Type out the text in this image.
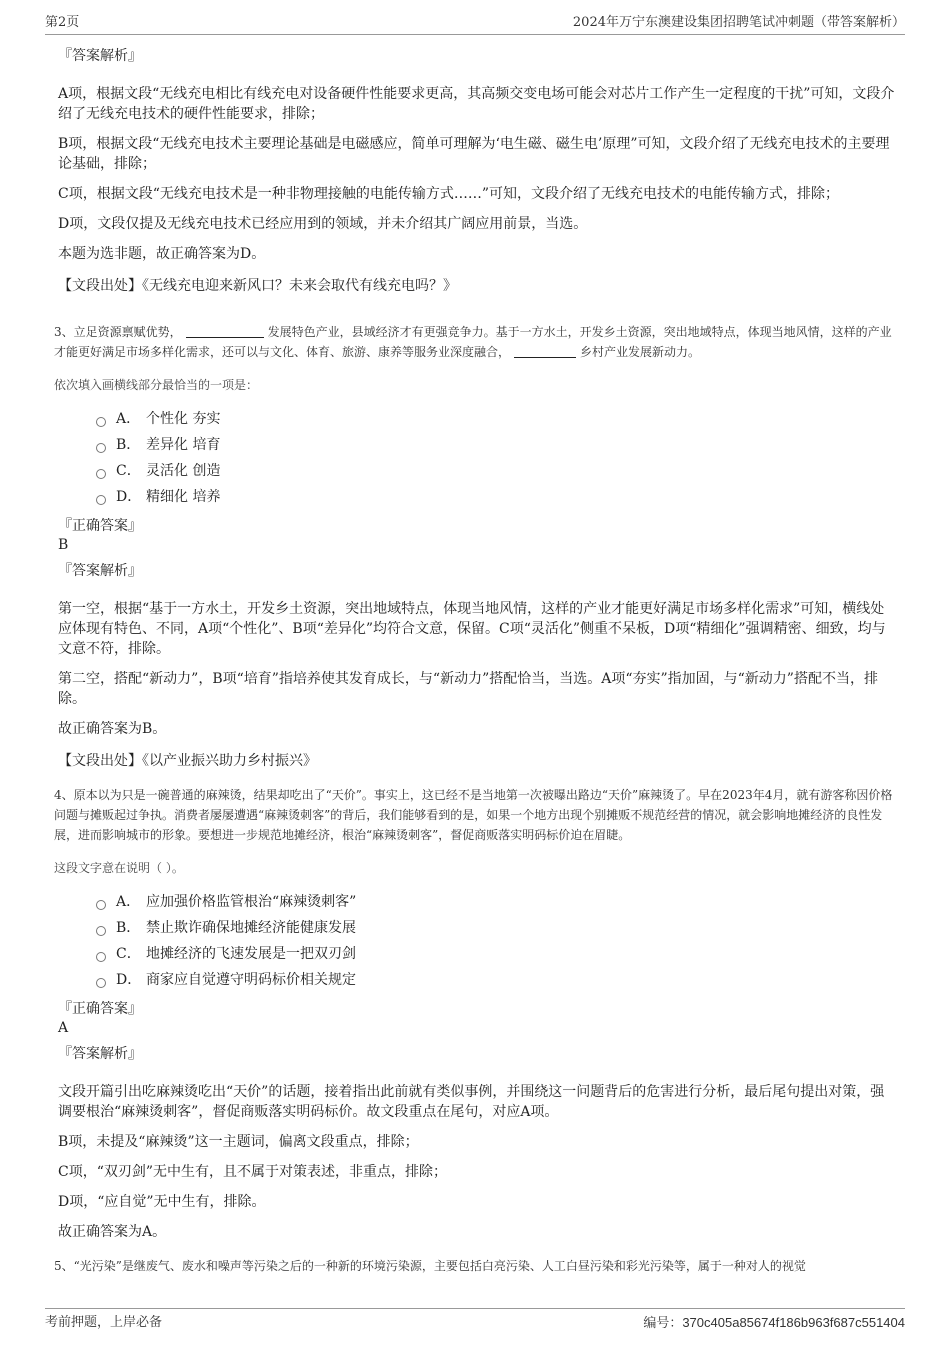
第2页	2024年万宁东澳建设集团招聘笔试冲刺题（带答案解析）
『答案解析』

A项，根据文段“无线充电相比有线充电对设备硬件性能要求更高，其高频交变电场可能会对芯片工作产生一定程度的干扰”可知，文段介绍了无线充电技术的硬件性能要求，排除；

B项，根据文段“无线充电技术主要理论基础是电磁感应，简单可理解为‘电生磁、磁生电’原理”可知，文段介绍了无线充电技术的主要理论基础，排除；

C项，根据文段“无线充电技术是一种非物理接触的电能传输方式……”可知，文段介绍了无线充电技术的电能传输方式，排除；

D项，文段仅提及无线充电技术已经应用到的领域，并未介绍其广阔应用前景，当选。

本题为选非题，故正确答案为D。

【文段出处】《无线充电迎来新风口？未来会取代有线充电吗？》

3、立足资源禀赋优势，	发展特色产业，县域经济才有更强竞争力。基于一方水土，开发乡土资源，突出地域特点，体现当地风情，这样的产业才能更好满足市场多样化需求，还可以与文化、体育、旅游、康养等服务业深度融合，	乡村产业发展新动力。

依次填入画横线部分最恰当的一项是：

A． 个性化 夯实
B． 差异化 培育
C． 灵活化 创造
D． 精细化 培养
『正确答案』
B
『答案解析』

第一空，根据“基于一方水土，开发乡土资源，突出地域特点，体现当地风情，这样的产业才能更好满足市场多样化需求”可知，横线处应体现有特色、不同，A项“个性化”、B项“差异化”均符合文意，保留。C项“灵活化”侧重不呆板，D项“精细化”强调精密、细致，均与文意不符，排除。

第二空，搭配“新动力”，B项“培育”指培养使其发育成长，与“新动力”搭配恰当，当选。A项“夯实”指加固，与“新动力”搭配不当，排除。

故正确答案为B。

【文段出处】《以产业振兴助力乡村振兴》

4、原本以为只是一碗普通的麻辣烫，结果却吃出了“天价”。事实上，这已经不是当地第一次被曝出路边“天价”麻辣烫了。早在2023年4月，就有游客称因价格问题与摊贩起过争执。消费者屡屡遭遇“麻辣烫刺客”的背后，我们能够看到的是，如果一个地方出现个别摊贩不规范经营的情况，就会影响地摊经济的良性发展，进而影响城市的形象。要想进一步规范地摊经济，根治“麻辣烫刺客”，督促商贩落实明码标价迫在眉睫。

这段文字意在说明（ ）。

A． 应加强价格监管根治“麻辣烫刺客”
B． 禁止欺诈确保地摊经济能健康发展
C． 地摊经济的飞速发展是一把双刃剑
D． 商家应自觉遵守明码标价相关规定
『正确答案』
A
『答案解析』

文段开篇引出吃麻辣烫吃出“天价”的话题，接着指出此前就有类似事例，并围绕这一问题背后的危害进行分析，最后尾句提出对策，强调要根治“麻辣烫刺客”，督促商贩落实明码标价。故文段重点在尾句，对应A项。

B项，未提及“麻辣烫”这一主题词，偏离文段重点，排除；

C项，“双刃剑”无中生有，且不属于对策表述，非重点，排除；

D项，“应自觉”无中生有，排除。

故正确答案为A。

5、“光污染”是继废气、废水和噪声等污染之后的一种新的环境污染源，主要包括白亮污染、人工白昼污染和彩光污染等，属于一种对人的视觉

考前押题，上岸必备	编号：370c405a85674f186b963f687c551404
